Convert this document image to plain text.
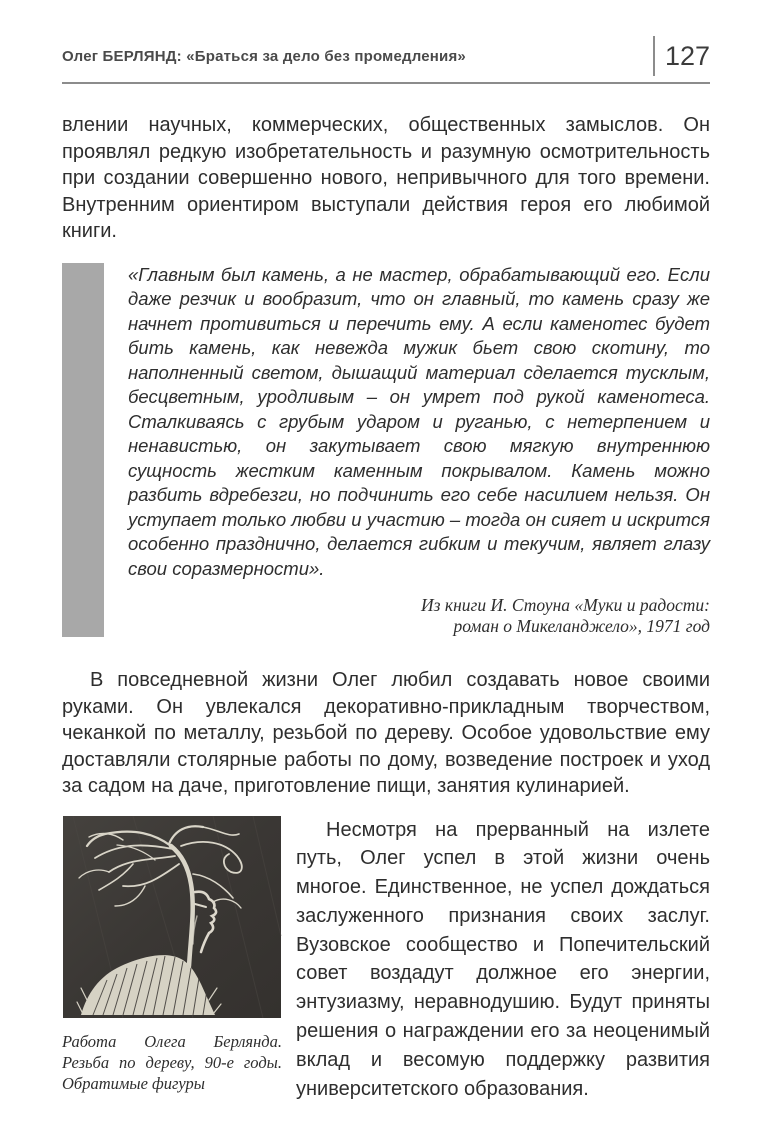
Олег БЕРЛЯНД: «Браться за дело без промедления»	127

влении научных, коммерческих, общественных замыслов. Он проявлял редкую изобретательность и разумную осмотрительность при создании совершенно нового, непривычного для того времени. Внутренним ориентиром выступали действия героя его любимой книги.

«Главным был камень, а не мастер, обрабатывающий его. Если даже резчик и вообразит, что он главный, то камень сразу же начнет противиться и перечить ему. А если каменотес будет бить камень, как невежда мужик бьет свою скотину, то наполненный светом, дышащий материал сделается тусклым, бесцветным, уродливым – он умрет под рукой каменотеса. Сталкиваясь с грубым ударом и руганью, с нетерпением и ненавистью, он закутывает свою мягкую внутреннюю сущность жестким каменным покрывалом. Камень можно разбить вдребезги, но подчинить его себе насилием нельзя. Он уступает только любви и участию – тогда он сияет и искрится особенно празднично, делается гибким и текучим, являет глазу свои соразмерности».

Из книги И. Стоуна «Муки и радости:
роман о Микеланджело», 1971 год

В повседневной жизни Олег любил создавать новое своими руками. Он увлекался декоративно-прикладным творчеством, чеканкой по металлу, резьбой по дереву. Особое удовольствие ему доставляли столярные работы по дому, возведение построек и уход за садом на даче, приготовление пищи, занятия кулинарией.

Работа Олега Берлянда.
Резьба по дереву, 90-е годы.
Обратимые фигуры

Несмотря на прерванный на излете путь, Олег успел в этой жизни очень многое. Единственное, не успел дождаться заслуженного признания своих заслуг. Вузовское сообщество и Попечительский совет воздадут должное его энергии, энтузиазму, неравнодушию. Будут приняты решения о награждении его за неоценимый вклад и весомую поддержку развития университетского образования.
